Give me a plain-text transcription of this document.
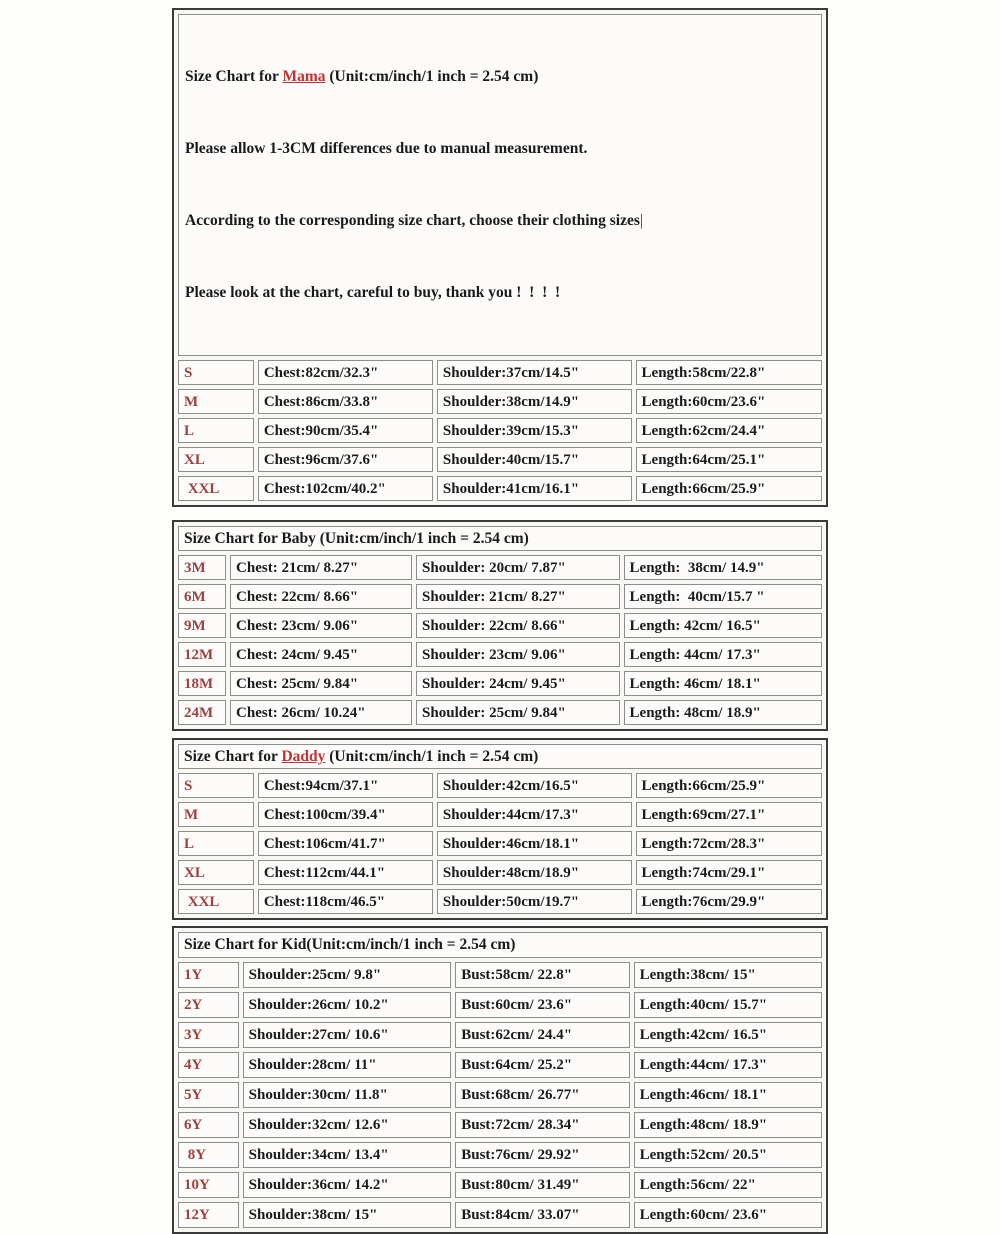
Size Chart for Mama (Unit:cm/inch/1 inch = 2.54 cm)

Please allow 1-3CM differences due to manual measurement.

According to the corresponding size chart, choose their clothing sizes|

Please look at the chart, careful to buy, thank you !  !  !  !			

S	Chest:82cm/32.3"	Shoulder:37cm/14.5"	Length:58cm/22.8"
M	Chest:86cm/33.8"	Shoulder:38cm/14.9"	Length:60cm/23.6"
L	Chest:90cm/35.4"	Shoulder:39cm/15.3"	Length:62cm/24.4"
XL	Chest:96cm/37.6"	Shoulder:40cm/15.7"	Length:64cm/25.1"
XXL	Chest:102cm/40.2"	Shoulder:41cm/16.1"	Length:66cm/25.9"
Size Chart for Baby (Unit:cm/inch/1 inch = 2.54 cm)			
3M	Chest: 21cm/ 8.27"	Shoulder: 20cm/ 7.87"	Length:  38cm/ 14.9"
6M	Chest: 22cm/ 8.66"	Shoulder: 21cm/ 8.27"	Length:  40cm/15.7 "
9M	Chest: 23cm/ 9.06"	Shoulder: 22cm/ 8.66"	Length: 42cm/ 16.5"
12M	Chest: 24cm/ 9.45"	Shoulder: 23cm/ 9.06"	Length: 44cm/ 17.3"
18M	Chest: 25cm/ 9.84"	Shoulder: 24cm/ 9.45"	Length: 46cm/ 18.1"
24M	Chest: 26cm/ 10.24"	Shoulder: 25cm/ 9.84"	Length: 48cm/ 18.9"
Size Chart for Daddy (Unit:cm/inch/1 inch = 2.54 cm)			
S	Chest:94cm/37.1"	Shoulder:42cm/16.5"	Length:66cm/25.9"
M	Chest:100cm/39.4"	Shoulder:44cm/17.3"	Length:69cm/27.1"
L	Chest:106cm/41.7"	Shoulder:46cm/18.1"	Length:72cm/28.3"
XL	Chest:112cm/44.1"	Shoulder:48cm/18.9"	Length:74cm/29.1"
XXL	Chest:118cm/46.5"	Shoulder:50cm/19.7"	Length:76cm/29.9"
Size Chart for Kid(Unit:cm/inch/1 inch = 2.54 cm)			
1Y	Shoulder:25cm/ 9.8"	Bust:58cm/ 22.8"	Length:38cm/ 15"
2Y	Shoulder:26cm/ 10.2"	Bust:60cm/ 23.6"	Length:40cm/ 15.7"
3Y	Shoulder:27cm/ 10.6"	Bust:62cm/ 24.4"	Length:42cm/ 16.5"
4Y	Shoulder:28cm/ 11"	Bust:64cm/ 25.2"	Length:44cm/ 17.3"
5Y	Shoulder:30cm/ 11.8"	Bust:68cm/ 26.77"	Length:46cm/ 18.1"
6Y	Shoulder:32cm/ 12.6"	Bust:72cm/ 28.34"	Length:48cm/ 18.9"
8Y	Shoulder:34cm/ 13.4"	Bust:76cm/ 29.92"	Length:52cm/ 20.5"
10Y	Shoulder:36cm/ 14.2"	Bust:80cm/ 31.49"	Length:56cm/ 22"
12Y	Shoulder:38cm/ 15"	Bust:84cm/ 33.07"	Length:60cm/ 23.6"
